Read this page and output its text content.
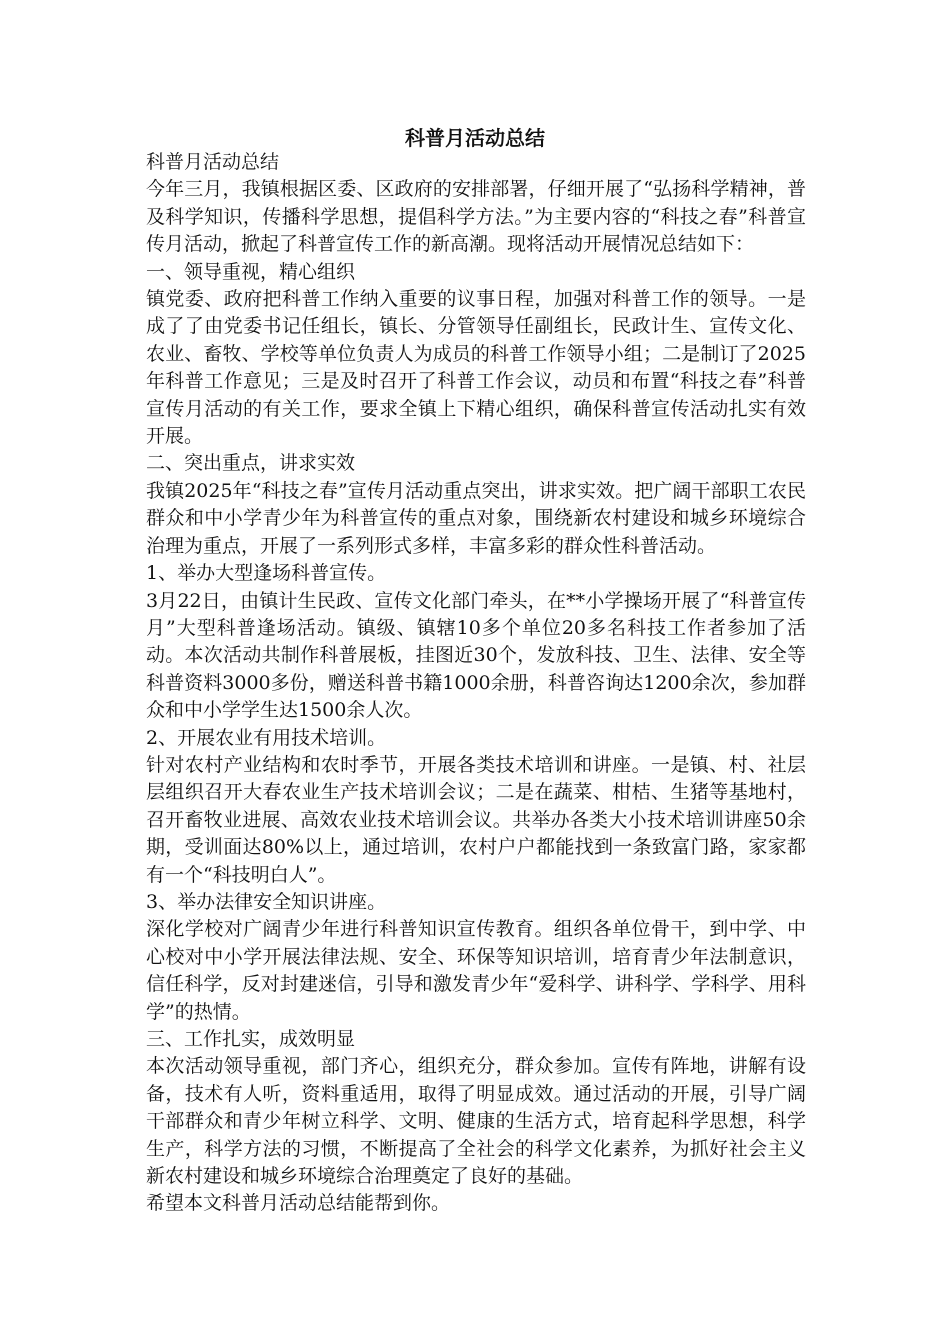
科普月活动总结

科普月活动总结

今年三月，我镇根据区委、区政府的安排部署，仔细开展了“弘扬科学精神，普及科学知识，传播科学思想，提倡科学方法。”为主要内容的“科技之春”科普宣传月活动，掀起了科普宣传工作的新高潮。现将活动开展情况总结如下：

一、领导重视，精心组织

镇党委、政府把科普工作纳入重要的议事日程，加强对科普工作的领导。一是成了了由党委书记任组长，镇长、分管领导任副组长，民政计生、宣传文化、农业、畜牧、学校等单位负责人为成员的科普工作领导小组；二是制订了2025年科普工作意见；三是及时召开了科普工作会议，动员和布置“科技之春”科普宣传月活动的有关工作，要求全镇上下精心组织，确保科普宣传活动扎实有效开展。

二、突出重点，讲求实效

我镇2025年“科技之春”宣传月活动重点突出，讲求实效。把广阔干部职工农民群众和中小学青少年为科普宣传的重点对象，围绕新农村建设和城乡环境综合治理为重点，开展了一系列形式多样，丰富多彩的群众性科普活动。

1、举办大型逢场科普宣传。

3月22日，由镇计生民政、宣传文化部门牵头，在**小学操场开展了“科普宣传月”大型科普逢场活动。镇级、镇辖10多个单位20多名科技工作者参加了活动。本次活动共制作科普展板，挂图近30个，发放科技、卫生、法律、安全等科普资料3000多份，赠送科普书籍1000余册，科普咨询达1200余次，参加群众和中小学学生达1500余人次。

2、开展农业有用技术培训。

针对农村产业结构和农时季节，开展各类技术培训和讲座。一是镇、村、社层层组织召开大春农业生产技术培训会议；二是在蔬菜、柑桔、生猪等基地村，召开畜牧业进展、高效农业技术培训会议。共举办各类大小技术培训讲座50余期，受训面达80%以上，通过培训，农村户户都能找到一条致富门路，家家都有一个“科技明白人”。

3、举办法律安全知识讲座。

深化学校对广阔青少年进行科普知识宣传教育。组织各单位骨干，到中学、中心校对中小学开展法律法规、安全、环保等知识培训，培育青少年法制意识，信任科学，反对封建迷信，引导和激发青少年“爱科学、讲科学、学科学、用科学”的热情。

三、工作扎实，成效明显

本次活动领导重视，部门齐心，组织充分，群众参加。宣传有阵地，讲解有设备，技术有人听，资料重适用，取得了明显成效。通过活动的开展，引导广阔干部群众和青少年树立科学、文明、健康的生活方式，培育起科学思想，科学生产，科学方法的习惯，不断提高了全社会的科学文化素养，为抓好社会主义新农村建设和城乡环境综合治理奠定了良好的基础。

希望本文科普月活动总结能帮到你。
